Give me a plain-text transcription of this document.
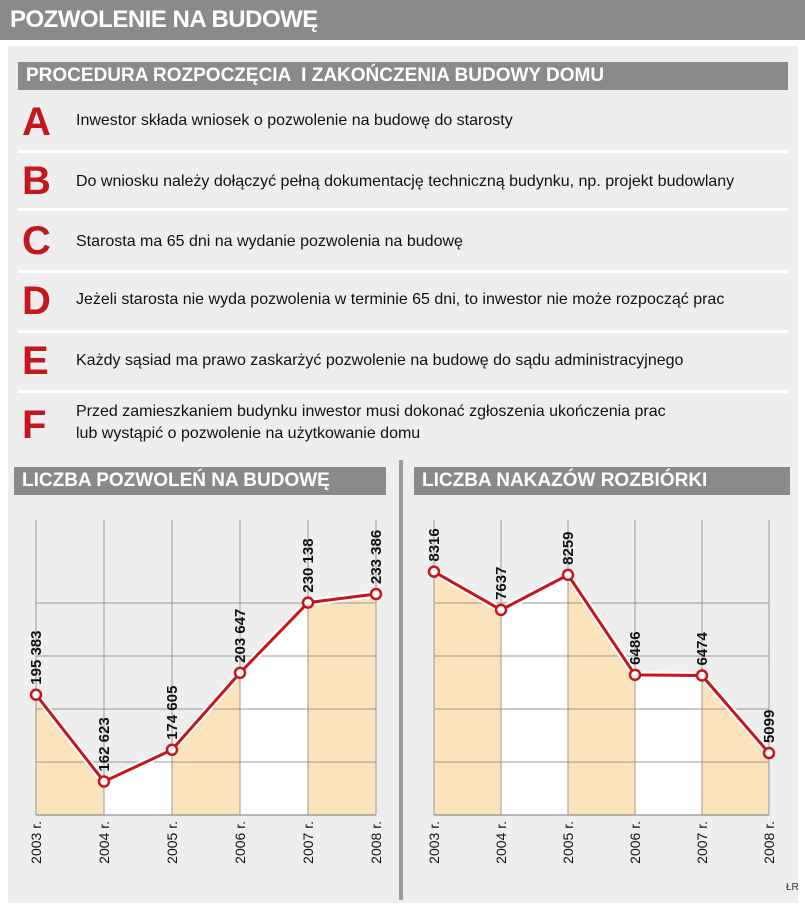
POZWOLENIE NA BUDOWĘ
PROCEDURA ROZPOCZĘCIA  I ZAKOŃCZENIA BUDOWY DOMU
A Inwestor składa wniosek o pozwolenie na budowę do starosty
B Do wniosku należy dołączyć pełną dokumentację techniczną budynku, np. projekt budowlany
C Starosta ma 65 dni na wydanie pozwolenia na budowę
D Jeżeli starosta nie wyda pozwolenia w terminie 65 dni, to inwestor nie może rozpocząć prac
E Każdy sąsiad ma prawo zaskarżyć pozwolenie na budowę do sądu administracyjnego
F Przed zamieszkaniem budynku inwestor musi dokonać zgłoszenia ukończenia prac
lub wystąpić o pozwolenie na użytkowanie domu
LICZBA POZWOLEŃ NA BUDOWĘ
195 383
162 623
174 605
203 647
230 138	233 386
2003 r.	2004 r.	2005 r.	2006 r.	2007 r.	2008 r.
LICZBA NAKAZÓW ROZBIÓRKI
8316
7637
8259
6486	6474
5099
2003 r.	2004 r.	2005 r.	2006 r.	2007 r.	2008 r.
ŁR
